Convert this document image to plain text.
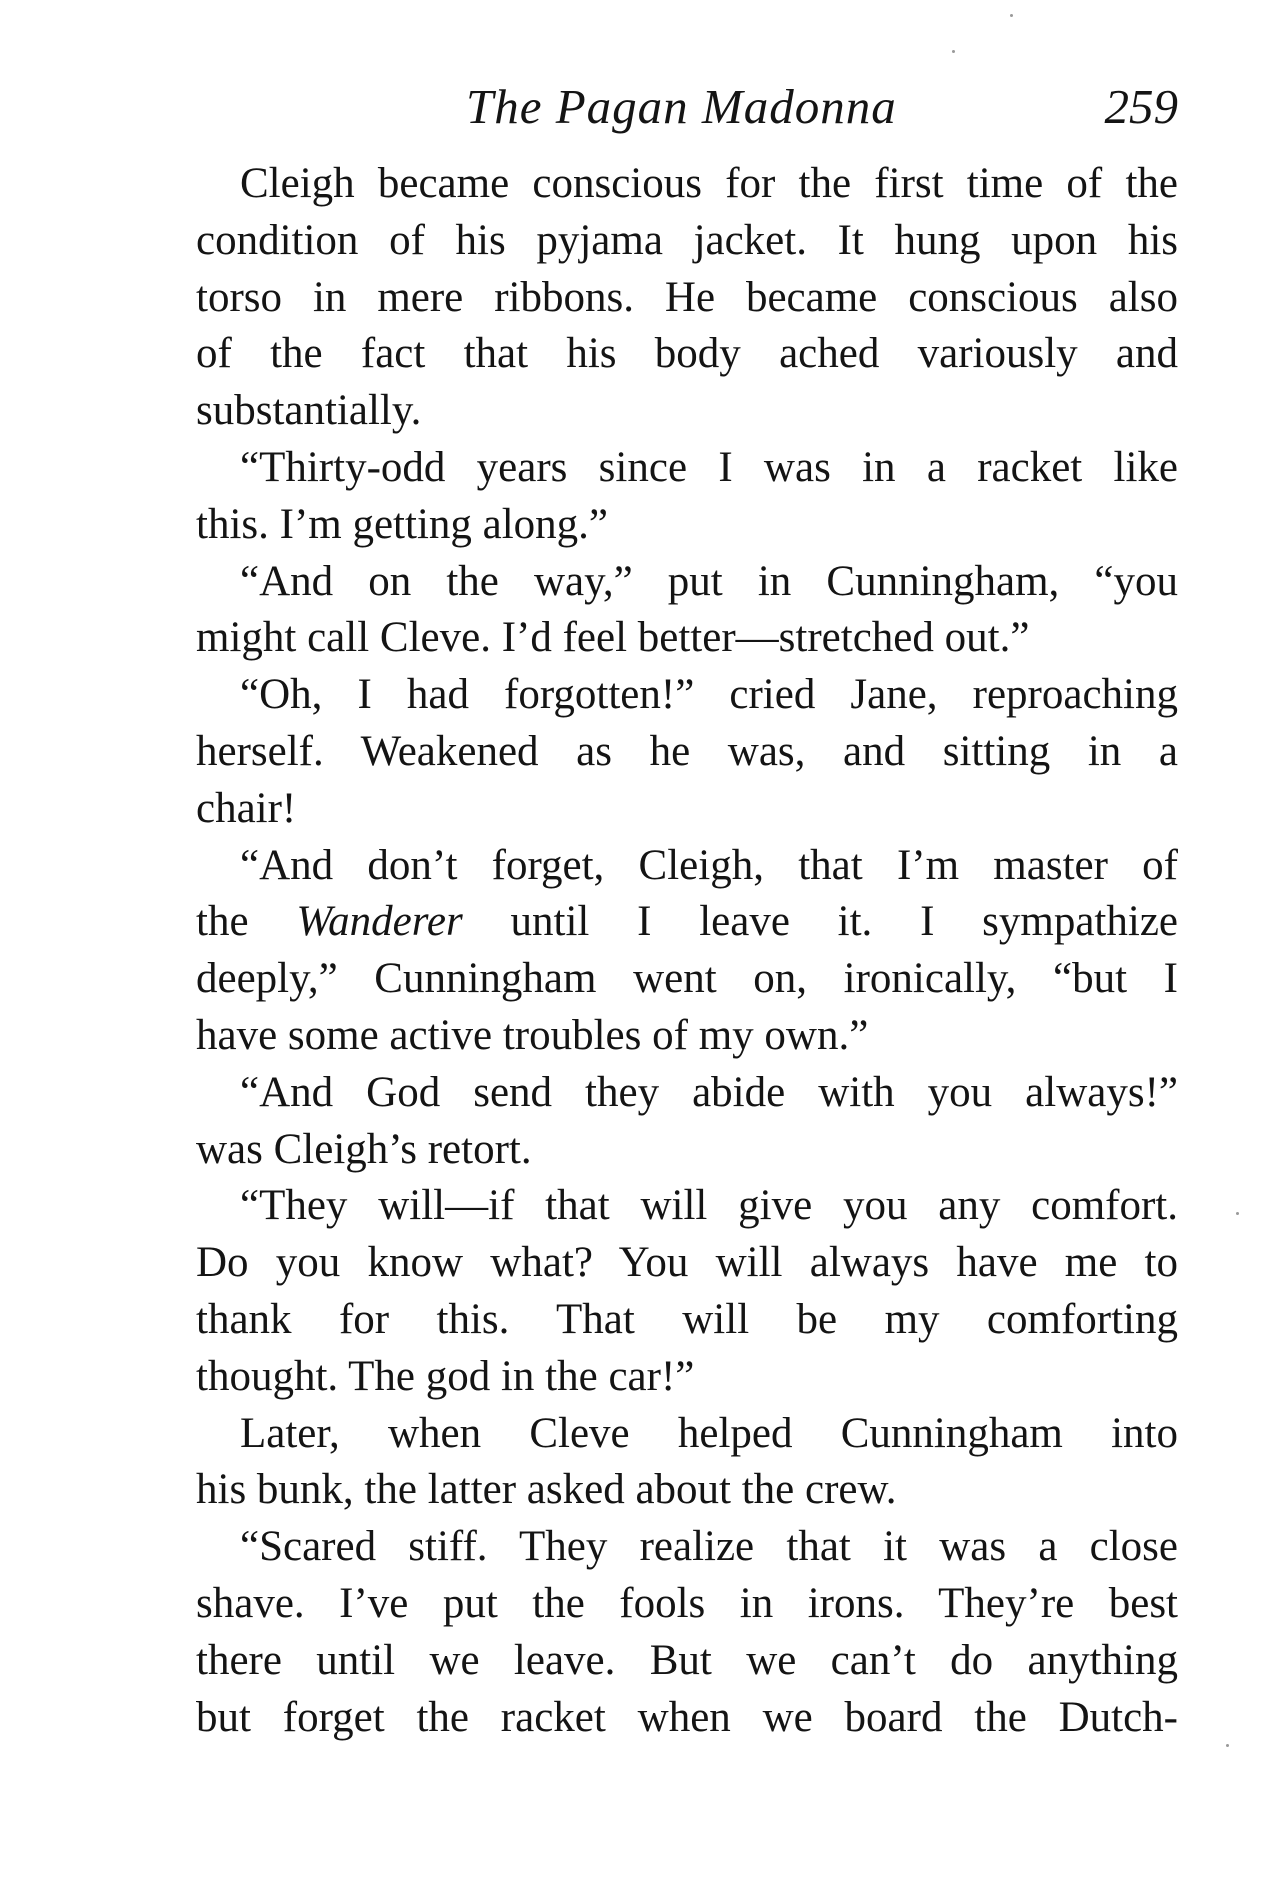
The Pagan Madonna	259
Cleigh became conscious for the first time of the
condition of his pyjama jacket. It hung upon his
torso in mere ribbons. He became conscious also
of the fact that his body ached variously and
substantially.
“Thirty-odd years since I was in a racket like
this. I’m getting along.”
“And on the way,” put in Cunningham, “you
might call Cleve. I’d feel better—stretched out.”
“Oh, I had forgotten!” cried Jane, reproaching
herself. Weakened as he was, and sitting in a
chair!
“And don’t forget, Cleigh, that I’m master of
the Wanderer until I leave it. I sympathize
deeply,” Cunningham went on, ironically, “but I
have some active troubles of my own.”
“And God send they abide with you always!”
was Cleigh’s retort.
“They will—if that will give you any comfort.
Do you know what? You will always have me to
thank for this. That will be my comforting
thought. The god in the car!”
Later, when Cleve helped Cunningham into
his bunk, the latter asked about the crew.
“Scared stiff. They realize that it was a close
shave. I’ve put the fools in irons. They’re best
there until we leave. But we can’t do anything
but forget the racket when we board the Dutch-
